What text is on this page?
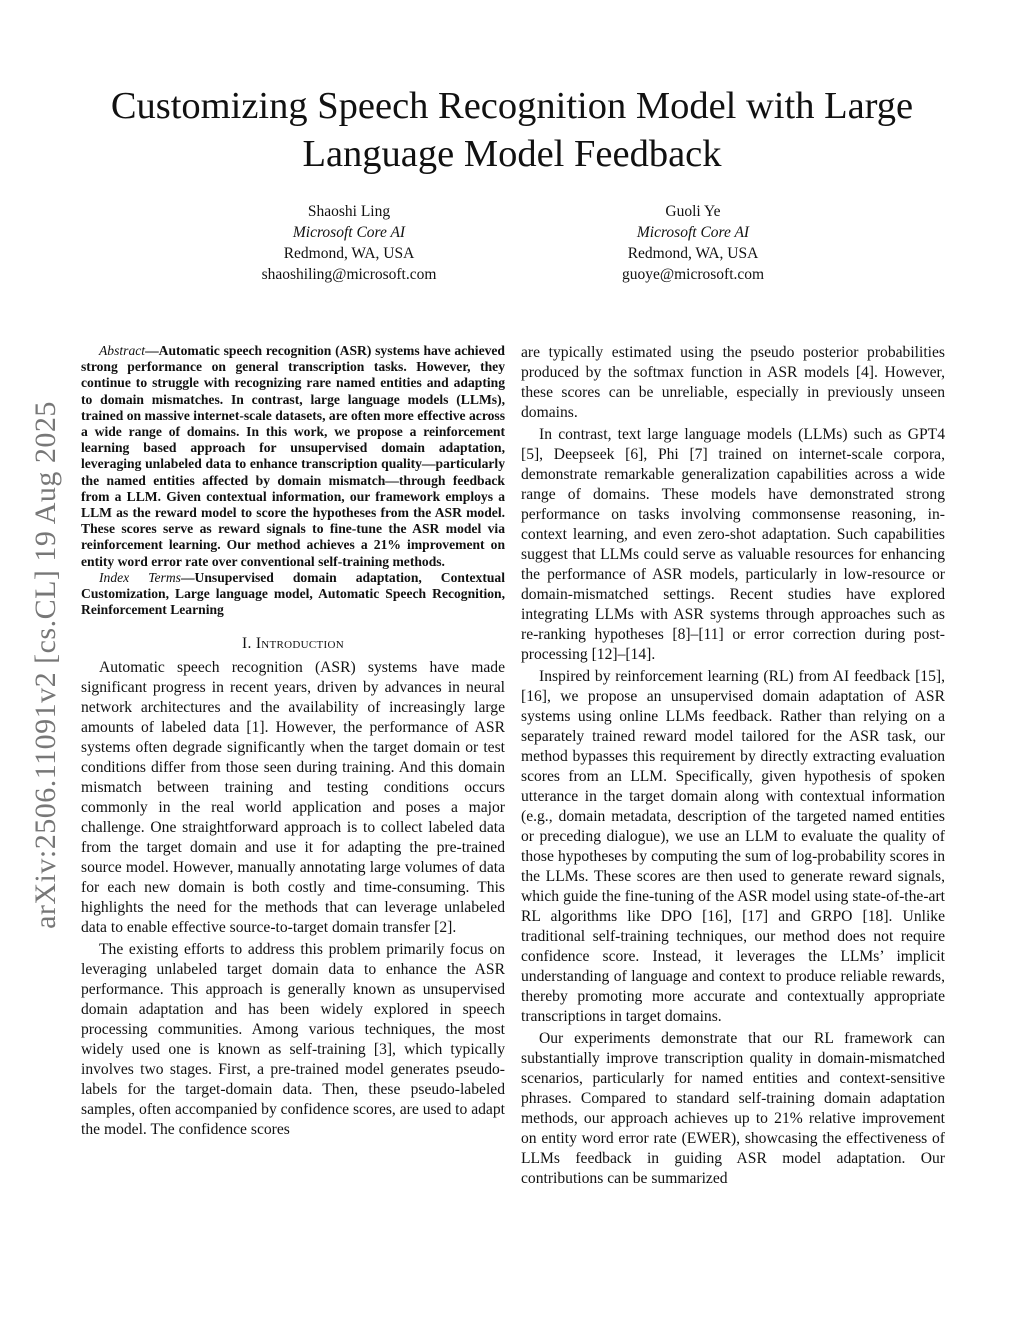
arXiv:2506.11091v2 [cs.CL] 19 Aug 2025
Customizing Speech Recognition Model with Large
Language Model Feedback
Shaoshi Ling
Microsoft Core AI
Redmond, WA, USA
shaoshiling@microsoft.com
Guoli Ye
Microsoft Core AI
Redmond, WA, USA
guoye@microsoft.com

Abstract—Automatic speech recognition (ASR) systems have achieved strong performance on general transcription tasks. However, they continue to struggle with recognizing rare named entities and adapting to domain mismatches. In contrast, large language models (LLMs), trained on massive internet-scale datasets, are often more effective across a wide range of domains. In this work, we propose a reinforcement learning based approach for unsupervised domain adaptation, leveraging unlabeled data to enhance transcription quality—particularly the named entities affected by domain mismatch—through feedback from a LLM. Given contextual information, our framework employs a LLM as the reward model to score the hypotheses from the ASR model. These scores serve as reward signals to fine-tune the ASR model via reinforcement learning. Our method achieves a 21% improvement on entity word error rate over conventional self-training methods.

Index Terms—Unsupervised domain adaptation, Contextual Customization, Large language model, Automatic Speech Recognition, Reinforcement Learning

I. Introduction

Automatic speech recognition (ASR) systems have made significant progress in recent years, driven by advances in neural network architectures and the availability of increasingly large amounts of labeled data [1]. However, the performance of ASR systems often degrade significantly when the target domain or test conditions differ from those seen during training. And this domain mismatch between training and testing conditions occurs commonly in the real world application and poses a major challenge. One straightforward approach is to collect labeled data from the target domain and use it for adapting the pre-trained source model. However, manually annotating large volumes of data for each new domain is both costly and time-consuming. This highlights the need for the methods that can leverage unlabeled data to enable effective source-to-target domain transfer [2].

The existing efforts to address this problem primarily focus on leveraging unlabeled target domain data to enhance the ASR performance. This approach is generally known as unsupervised domain adaptation and has been widely explored in speech processing communities. Among various techniques, the most widely used one is known as self-training [3], which typically involves two stages. First, a pre-trained model generates pseudo-labels for the target-domain data. Then, these pseudo-labeled samples, often accompanied by confidence scores, are used to adapt the model. The confidence scores

are typically estimated using the pseudo posterior probabilities produced by the softmax function in ASR models [4]. However, these scores can be unreliable, especially in previously unseen domains.

In contrast, text large language models (LLMs) such as GPT4 [5], Deepseek [6], Phi [7] trained on internet-scale corpora, demonstrate remarkable generalization capabilities across a wide range of domains. These models have demonstrated strong performance on tasks involving commonsense reasoning, in-context learning, and even zero-shot adaptation. Such capabilities suggest that LLMs could serve as valuable resources for enhancing the performance of ASR models, particularly in low-resource or domain-mismatched settings. Recent studies have explored integrating LLMs with ASR systems through approaches such as re-ranking hypotheses [8]–[11] or error correction during post-processing [12]–[14].

Inspired by reinforcement learning (RL) from AI feedback [15], [16], we propose an unsupervised domain adaptation of ASR systems using online LLMs feedback. Rather than relying on a separately trained reward model tailored for the ASR task, our method bypasses this requirement by directly extracting evaluation scores from an LLM. Specifically, given hypothesis of spoken utterance in the target domain along with contextual information (e.g., domain metadata, description of the targeted named entities or preceding dialogue), we use an LLM to evaluate the quality of those hypotheses by computing the sum of log-probability scores in the LLMs. These scores are then used to generate reward signals, which guide the fine-tuning of the ASR model using state-of-the-art RL algorithms like DPO [16], [17] and GRPO [18]. Unlike traditional self-training techniques, our method does not require confidence score. Instead, it leverages the LLMs’ implicit understanding of language and context to produce reliable rewards, thereby promoting more accurate and contextually appropriate transcriptions in target domains.

Our experiments demonstrate that our RL framework can substantially improve transcription quality in domain-mismatched scenarios, particularly for named entities and context-sensitive phrases. Compared to standard self-training domain adaptation methods, our approach achieves up to 21% relative improvement on entity word error rate (EWER), showcasing the effectiveness of LLMs feedback in guiding ASR model adaptation. Our contributions can be summarized
